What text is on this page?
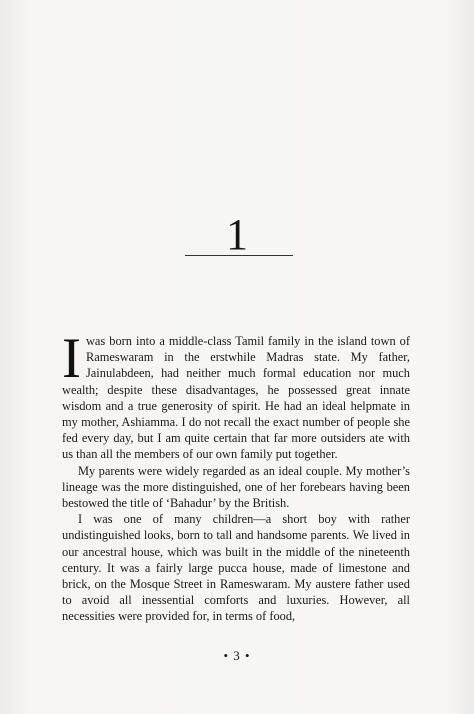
1

Iwas born into a middle-class Tamil family in the island town of Rameswaram in the erstwhile Madras state. My father, Jainulabdeen, had neither much formal education nor much wealth; despite these disadvantages, he possessed great innate wisdom and a true generosity of spirit. He had an ideal helpmate in my mother, Ashiamma. I do not recall the exact number of people she fed every day, but I am quite certain that far more outsiders ate with us than all the members of our own family put together.

My parents were widely regarded as an ideal couple. My mother’s lineage was the more distinguished, one of her forebears having been bestowed the title of ‘Bahadur’ by the British.

I was one of many children—a short boy with rather undistinguished looks, born to tall and handsome parents. We lived in our ancestral house, which was built in the middle of the nineteenth century. It was a fairly large pucca house, made of limestone and brick, on the Mosque Street in Rameswaram. My austere father used to avoid all inessential comforts and luxuries. However, all necessities were provided for, in terms of food,

• 3 •
